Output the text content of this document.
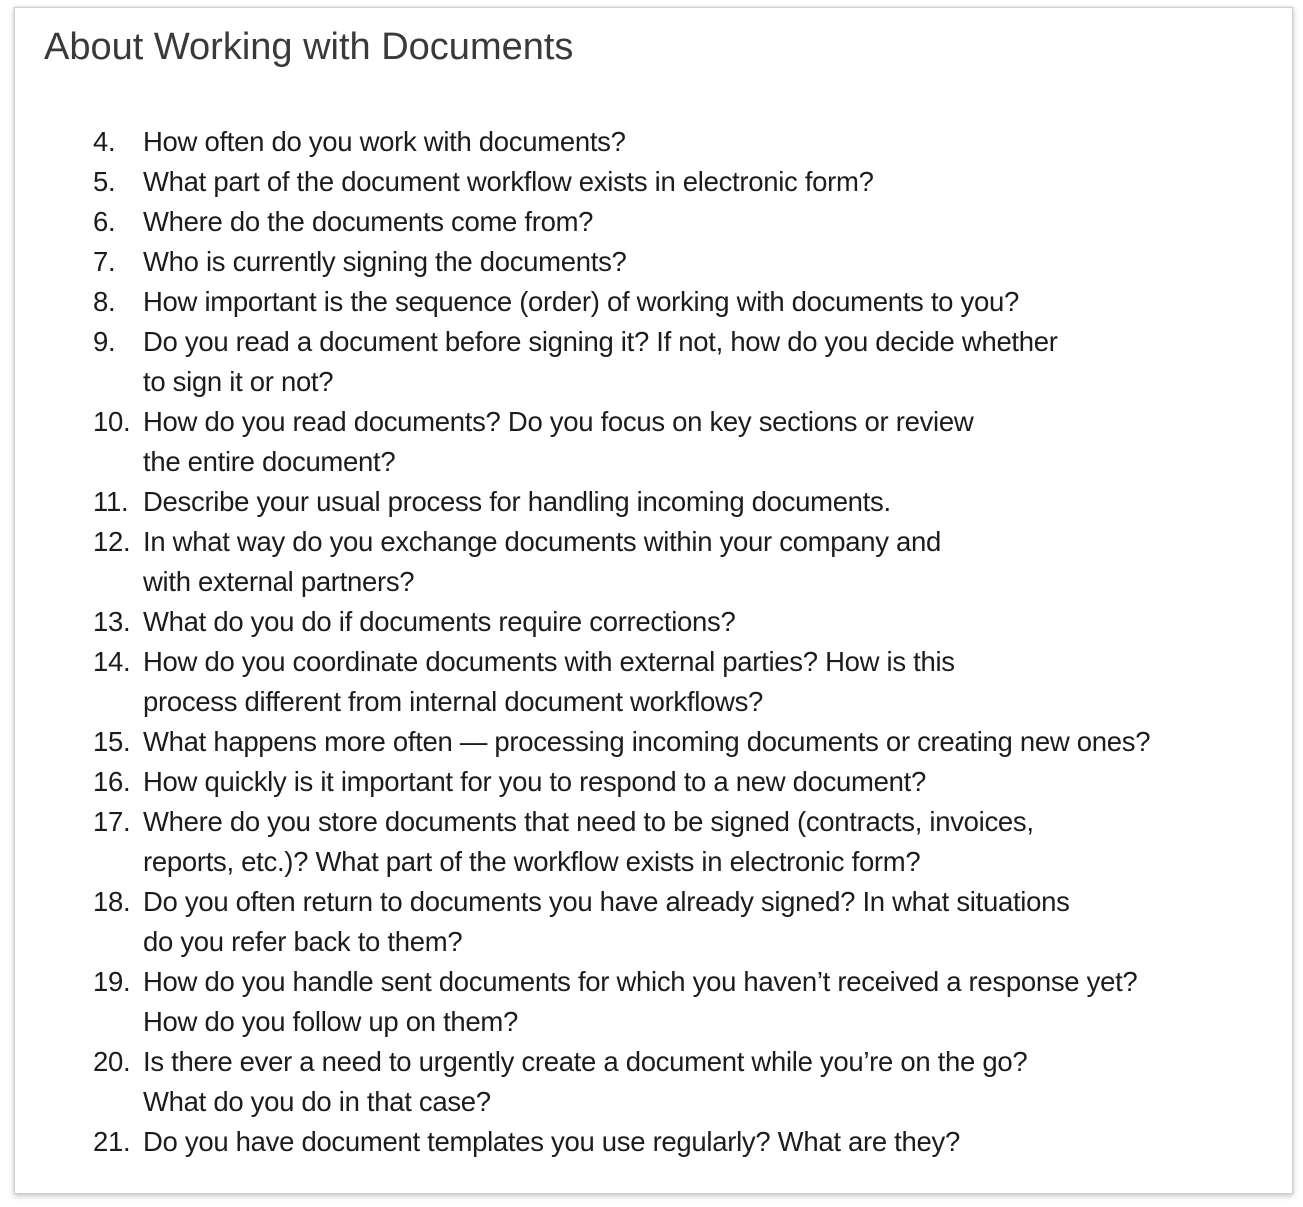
About Working with Documents
4. How often do you work with documents?
5. What part of the document workflow exists in electronic form?
6. Where do the documents come from?
7. Who is currently signing the documents?
8. How important is the sequence (order) of working with documents to you?
9. Do you read a document before signing it? If not, how do you decide whether
to sign it or not?
10. How do you read documents? Do you focus on key sections or review
the entire document?
11. Describe your usual process for handling incoming documents.
12. In what way do you exchange documents within your company and
with external partners?
13. What do you do if documents require corrections?
14. How do you coordinate documents with external parties? How is this
process different from internal document workflows?
15. What happens more often — processing incoming documents or creating new ones?
16. How quickly is it important for you to respond to a new document?
17. Where do you store documents that need to be signed (contracts, invoices,
reports, etc.)? What part of the workflow exists in electronic form?
18. Do you often return to documents you have already signed? In what situations
do you refer back to them?
19. How do you handle sent documents for which you haven’t received a response yet?
How do you follow up on them?
20. Is there ever a need to urgently create a document while you’re on the go?
What do you do in that case?
21. Do you have document templates you use regularly? What are they?
